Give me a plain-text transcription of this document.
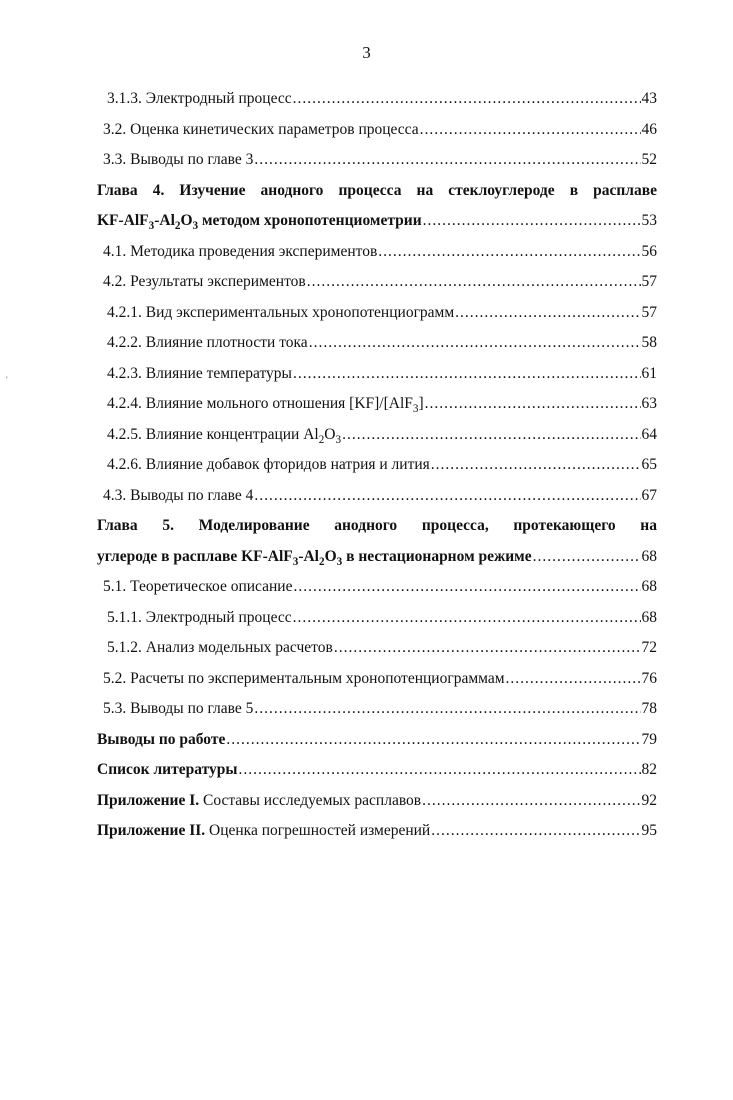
3
'
3.1.3. Электродный процесс .....	43
3.2. Оценка кинетических параметров процесса .....	46
3.3. Выводы по главе 3 .....	52
Глава 4. Изучение анодного процесса на стеклоуглероде в расплаве
$KF-AlF_3-Al_2O_3$ методом хронопотенциометрии .....	53
4.1. Методика проведения экспериментов .....	56
4.2. Результаты экспериментов .....	57
4.2.1. Вид экспериментальных хронопотенциограмм .....	57
4.2.2. Влияние плотности тока .....	58
4.2.3. Влияние температуры .....	61
4.2.4. Влияние мольного отношения [KF]/[AlF$_3$] .....	63
4.2.5. Влияние концентрации $Al_2O_3$ .....	64
4.2.6. Влияние добавок фторидов натрия и лития .....	65
4.3. Выводы по главе 4 .....	67
Глава 5. Моделирование анодного процесса, протекающего на
углероде в расплаве $KF-AlF_3-Al_2O_3$ в нестационарном режиме .....	68
5.1. Теоретическое описание .....	68
5.1.1. Электродный процесс .....	68
5.1.2. Анализ модельных расчетов .....	72
5.2. Расчеты по экспериментальным хронопотенциограммам .....	76
5.3. Выводы по главе 5 .....	78
Выводы по работе .....	79
Список литературы .....	82
Приложение I. Составы исследуемых расплавов .....	92
Приложение II. Оценка погрешностей измерений .....	95
